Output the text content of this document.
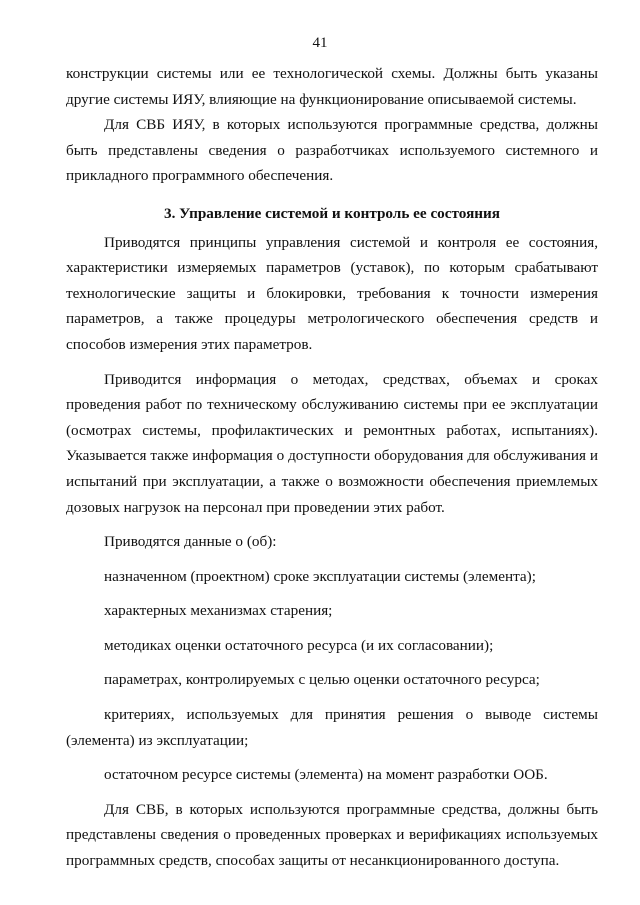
41

конструкции системы или ее технологической схемы. Должны быть указаны другие системы ИЯУ, влияющие на функционирование описываемой системы.

Для СВБ ИЯУ, в которых используются программные средства, должны быть представлены сведения о разработчиках используемого системного и прикладного программного обеспечения.

3. Управление системой и контроль ее состояния

Приводятся принципы управления системой и контроля ее состояния, характеристики измеряемых параметров (уставок), по которым срабатывают технологические защиты и блокировки, требования к точности измерения параметров, а также процедуры метрологического обеспечения средств и способов измерения этих параметров.

Приводится информация о методах, средствах, объемах и сроках проведения работ по техническому обслуживанию системы при ее эксплуатации (осмотрах системы, профилактических и ремонтных работах, испытаниях). Указывается также информация о доступности оборудования для обслуживания и испытаний при эксплуатации, а также о возможности обеспечения приемлемых дозовых нагрузок на персонал при проведении этих работ.

Приводятся данные о (об):

назначенном (проектном) сроке эксплуатации системы (элемента);

характерных механизмах старения;

методиках оценки остаточного ресурса (и их согласовании);

параметрах, контролируемых с целью оценки остаточного ресурса;

критериях, используемых для принятия решения о выводе системы (элемента) из эксплуатации;

остаточном ресурсе системы (элемента) на момент разработки ООБ.

Для СВБ, в которых используются программные средства, должны быть представлены сведения о проведенных проверках и верификациях используемых программных средств, способах защиты от несанкционированного доступа.
